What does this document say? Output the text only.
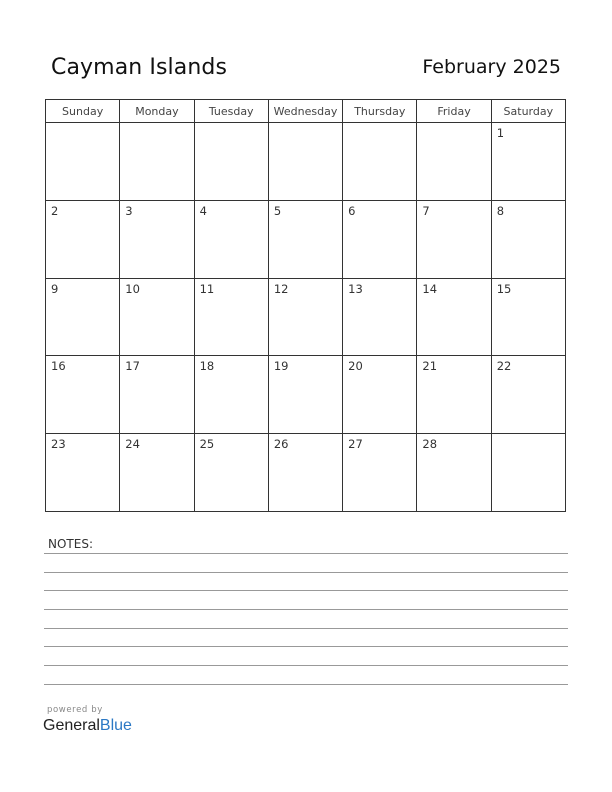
Cayman Islands	February 2025
Sunday	Monday	Tuesday	Wednesday	Thursday	Friday	Saturday

						1

2	3	4	5	6	7	8

9	10	11	12	13	14	15

16	17	18	19	20	21	22

23	24	25	26	27	28	

NOTES:
powered by
GeneralBlue
